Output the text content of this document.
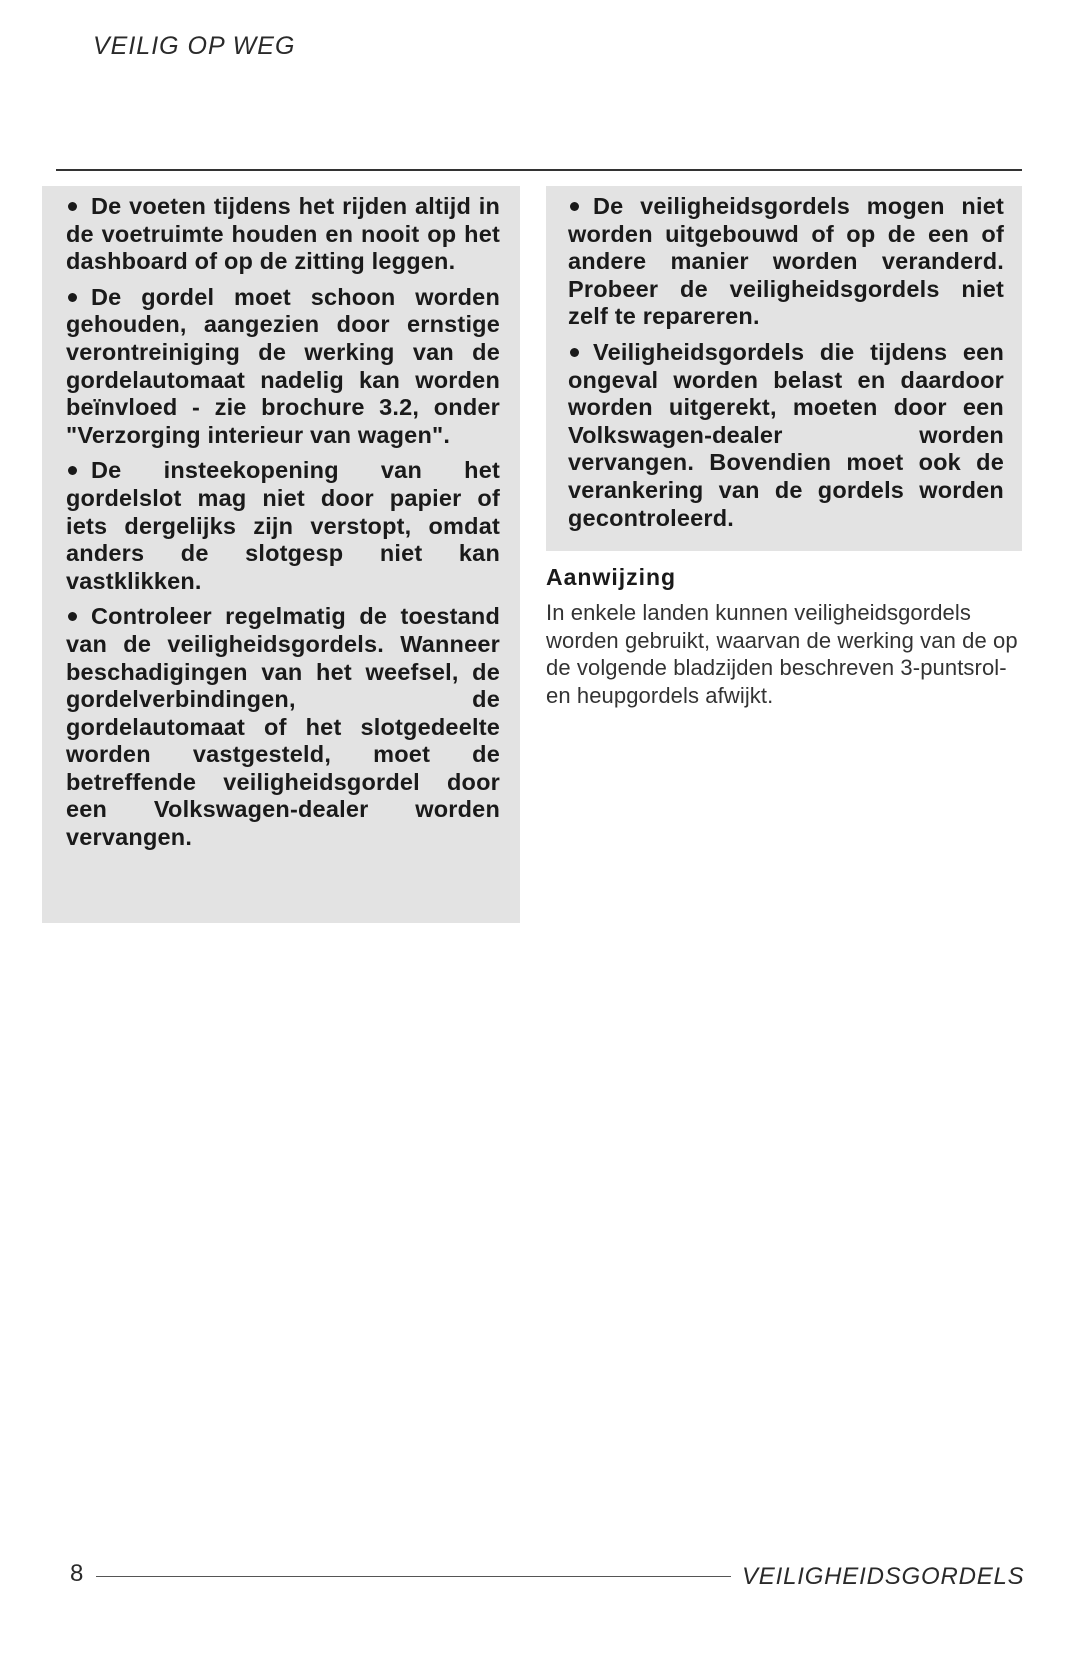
VEILIG OP WEG

De voeten tijdens het rijden altijd in de voetruimte houden en nooit op het dashboard of op de zitting leggen.

De gordel moet schoon worden gehouden, aangezien door ernstige verontreiniging de werking van de gordelautomaat nadelig kan worden beïnvloed - zie brochure 3.2, onder "Verzorging interieur van wagen".

De insteekopening van het gordelslot mag niet door papier of iets dergelijks zijn verstopt, omdat anders de slotgesp niet kan vastklikken.

Controleer regelmatig de toestand van de veiligheidsgordels. Wanneer beschadigingen van het weefsel, de gordelverbindingen, de gordelautomaat of het slotgedeelte worden vastgesteld, moet de betreffende veiligheidsgordel door een Volkswagen-dealer worden vervangen.

De veiligheidsgordels mogen niet worden uitgebouwd of op de een of andere manier worden veranderd. Probeer de veiligheidsgordels niet zelf te repareren.

Veiligheidsgordels die tijdens een ongeval worden belast en daardoor worden uitgerekt, moeten door een Volkswagen-dealer worden vervangen. Bovendien moet ook de verankering van de gordels worden gecontroleerd.

Aanwijzing
In enkele landen kunnen veiligheidsgordels worden gebruikt, waarvan de werking van de op de volgende bladzijden beschreven 3-puntsrol- en heupgordels afwijkt.
8	VEILIGHEIDSGORDELS
